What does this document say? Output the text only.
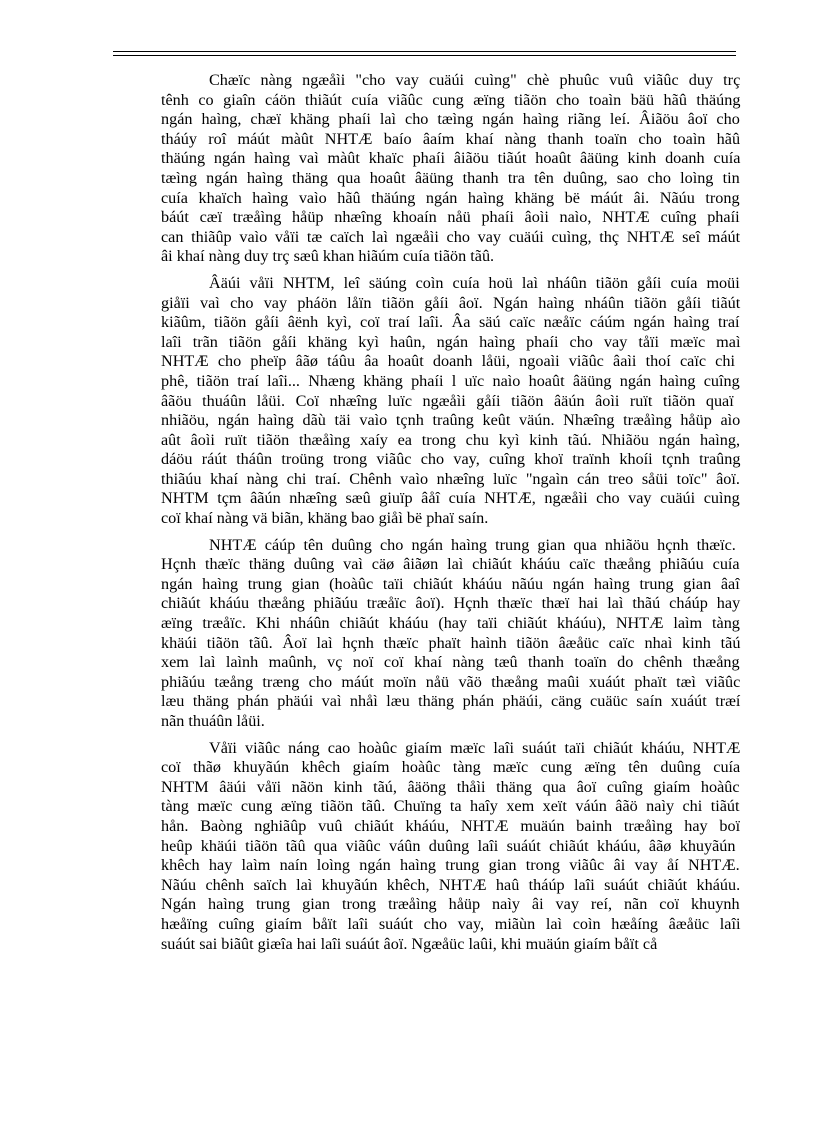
Chæïc nàng ngæåìi "cho vay cuäúi cuìng" chè phuûc vuû viãûc duy trç
tênh co giaîn cáön thiãút cuía viãûc cung æïng tiãön cho toaìn bäü hãû thäúng
ngán haìng, chæï khäng phaíi laì cho tæìng ngán haìng riãng leí. Âiãöu âoï cho
tháúy roî máút màût NHTÆ baío âaím khaí nàng thanh toaïn cho toaìn hãû
thäúng ngán haìng vaì màût khaïc phaíi âiãöu tiãút hoaût âäüng kinh doanh cuía
tæìng ngán haìng thäng qua hoaût âäüng thanh tra tên duûng, sao cho loìng tin
cuía khaïch haìng vaìo hãû thäúng ngán haìng khäng bë máút âi. Nãúu trong
báút cæï træåìng håüp nhæîng khoaín nåü phaíi âoìi naìo, NHTÆ cuîng phaíi
can thiãûp vaìo våïi tæ caïch laì ngæåìi cho vay cuäúi cuìng, thç NHTÆ seî máút
âi khaí nàng duy trç sæû khan hiãúm cuía tiãön tãû.

Âäúi våïi NHTM, leî säúng coìn cuía hoü laì nháûn tiãön gåíi cuía moüi
giåïi vaì cho vay pháön låïn tiãön gåíi âoï. Ngán haìng nháûn tiãön gåíi tiãút
kiãûm, tiãön gåíi âënh kyì, coï traí laîi. Âa säú caïc næåïc cáúm ngán haìng traí
laîi trãn tiãön gåíi khäng kyì haûn, ngán haìng phaíi cho vay tåïi mæïc maì
NHTÆ cho pheïp âãø táûu âa hoaût doanh låüi, ngoaìi viãûc âaìi thoí caïc chi
phê, tiãön traí laîi... Nhæng khäng phaíi l uïc naìo hoaût âäüng ngán haìng cuîng
âãöu thuáûn låüi. Coï nhæîng luïc ngæåìi gåíi tiãön âäún âoìi ruït tiãön quaï
nhiãöu, ngán haìng dãù täi vaìo tçnh traûng keût väún. Nhæîng træåìng håüp aìo
aût âoìi ruït tiãön thæåìng xaíy ea trong chu kyì kinh tãú. Nhiãöu ngán haìng,
dáöu ráút tháûn troüng trong viãûc cho vay, cuîng khoï traïnh khoíi tçnh traûng
thiãúu khaí nàng chi traí. Chênh vaìo nhæîng luïc "ngaìn cán treo såüi toïc" âoï.
NHTM tçm âãún nhæîng sæû giuïp âåî cuía NHTÆ, ngæåìi cho vay cuäúi cuìng
coï khaí nàng vä biãn, khäng bao giåì bë phaï saín.

NHTÆ cáúp tên duûng cho ngán haìng trung gian qua nhiãöu hçnh thæïc.
Hçnh thæïc thäng duûng vaì cäø âiãøn laì chiãút kháúu caïc thæång phiãúu cuía
ngán haìng trung gian (hoàûc taïi chiãút kháúu nãúu ngán haìng trung gian âaî
chiãút kháúu thæång phiãúu træåïc âoï). Hçnh thæïc thæï hai laì thãú cháúp hay
æïng træåïc. Khi nháûn chiãút kháúu (hay taïi chiãút kháúu), NHTÆ laìm tàng
khäúi tiãön tãû. Âoï laì hçnh thæïc phaït haình tiãön âæåüc caïc nhaì kinh tãú
xem laì laình maûnh, vç noï coï khaí nàng tæû thanh toaïn do chênh thæång
phiãúu tæång træng cho máút moïn nåü vãö thæång maûi xuáút phaït tæì viãûc
læu thäng phán phäúi vaì nhåì læu thäng phán phäúi, cäng cuäüc saín xuáút træí
nãn thuáûn låüi.

Våïi viãûc náng cao hoàûc giaím mæïc laîi suáút taïi chiãút kháúu, NHTÆ
coï thãø khuyãún khêch giaím hoàûc tàng mæïc cung æïng tên duûng cuía
NHTM âäúi våïi nãön kinh tãú, âäöng thåìi thäng qua âoï cuîng giaím hoàûc
tàng mæïc cung æïng tiãön tãû. Chuïng ta haîy xem xeït váún âãö naìy chi tiãút
hån. Baòng nghiãûp vuû chiãút kháúu, NHTÆ muäún bainh træåìng hay boï
heûp khäúi tiãön tãû qua viãûc váûn duûng laîi suáút chiãút kháúu, âãø khuyãún
khêch hay laìm naín loìng ngán haìng trung gian trong viãûc âi vay åí NHTÆ.
Nãúu chênh saïch laì khuyãún khêch, NHTÆ haû tháúp laîi suáút chiãút kháúu.
Ngán haìng trung gian trong træåìng håüp naìy âi vay reí, nãn coï khuynh
hæåïng cuîng giaím båït laîi suáút cho vay, miãùn laì coìn hæåíng âæåüc laîi
suáút sai biãût giæîa hai laîi suáút âoï. Ngæåüc laûi, khi muäún giaím båït cå
